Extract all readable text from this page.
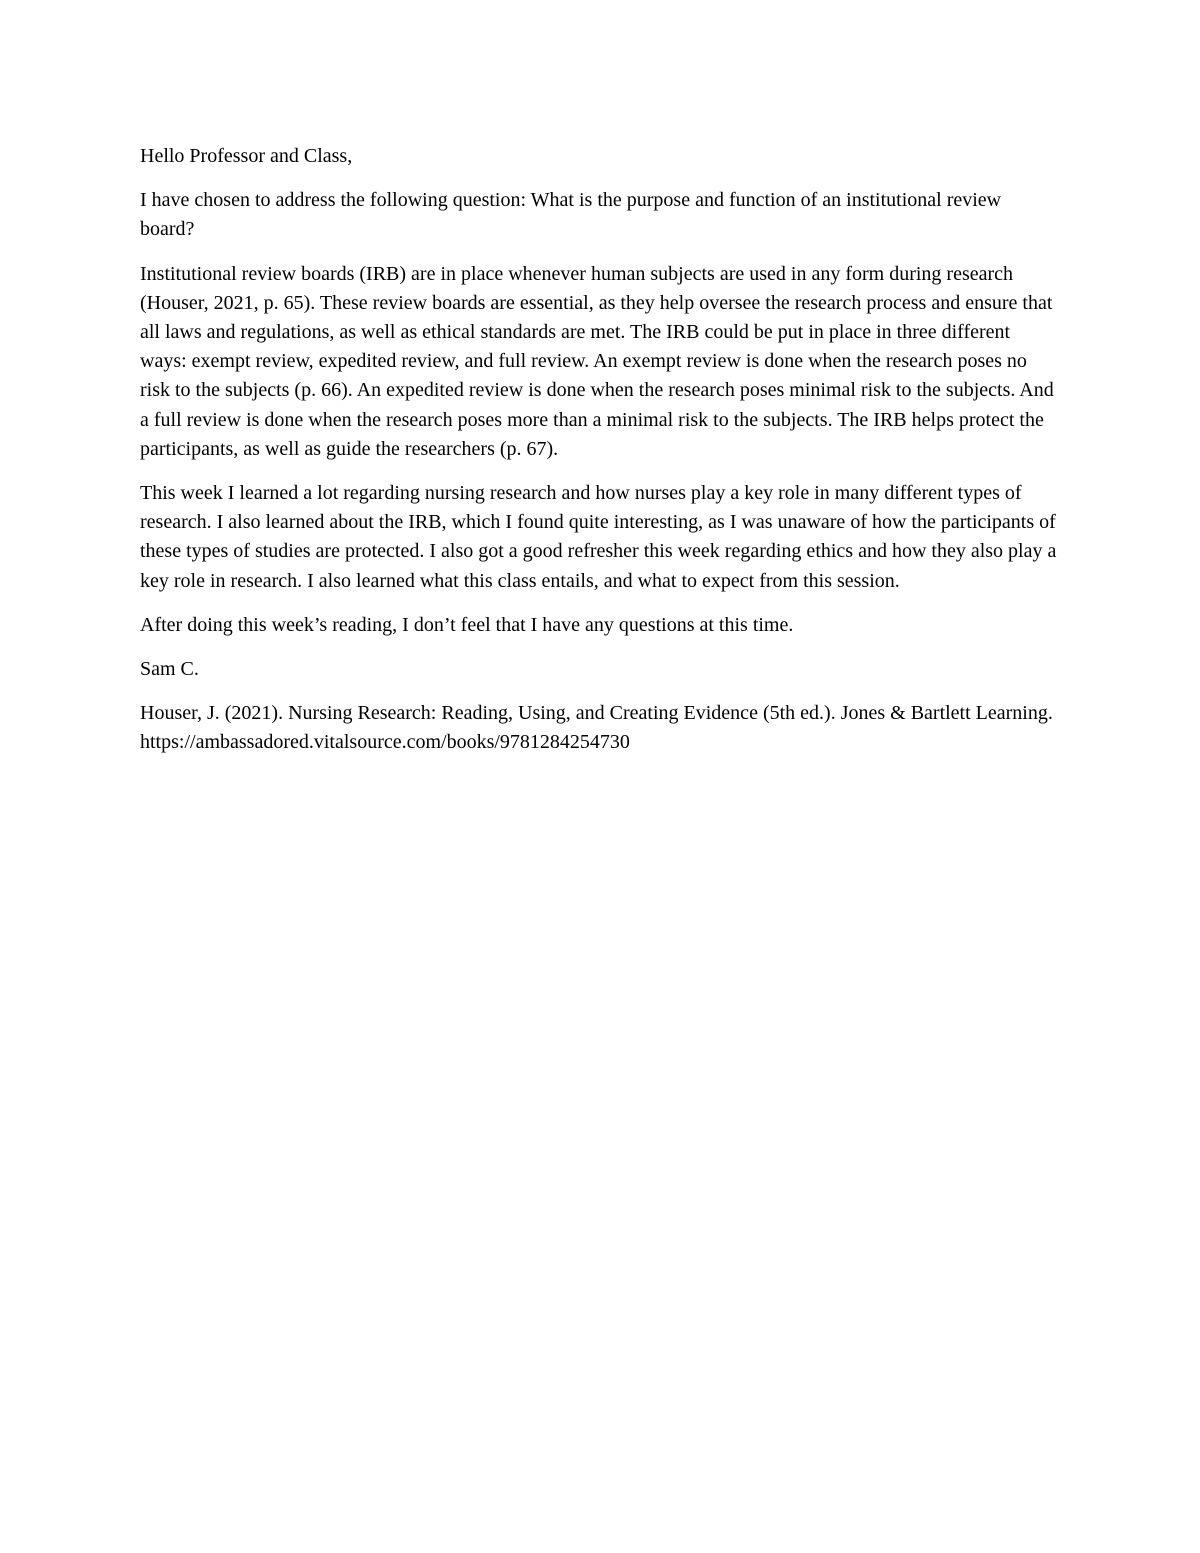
Hello Professor and Class,

I have chosen to address the following question: What is the purpose and function of an institutional review board?

Institutional review boards (IRB) are in place whenever human subjects are used in any form during research (Houser, 2021, p. 65). These review boards are essential, as they help oversee the research process and ensure that all laws and regulations, as well as ethical standards are met. The IRB could be put in place in three different ways: exempt review, expedited review, and full review. An exempt review is done when the research poses no risk to the subjects (p. 66). An expedited review is done when the research poses minimal risk to the subjects. And a full review is done when the research poses more than a minimal risk to the subjects. The IRB helps protect the participants, as well as guide the researchers (p. 67).

This week I learned a lot regarding nursing research and how nurses play a key role in many different types of research. I also learned about the IRB, which I found quite interesting, as I was unaware of how the participants of these types of studies are protected. I also got a good refresher this week regarding ethics and how they also play a key role in research. I also learned what this class entails, and what to expect from this session.

After doing this week’s reading, I don’t feel that I have any questions at this time.

Sam C.

Houser, J. (2021). Nursing Research: Reading, Using, and Creating Evidence (5th ed.). Jones & Bartlett Learning. https://ambassadored.vitalsource.com/books/9781284254730
